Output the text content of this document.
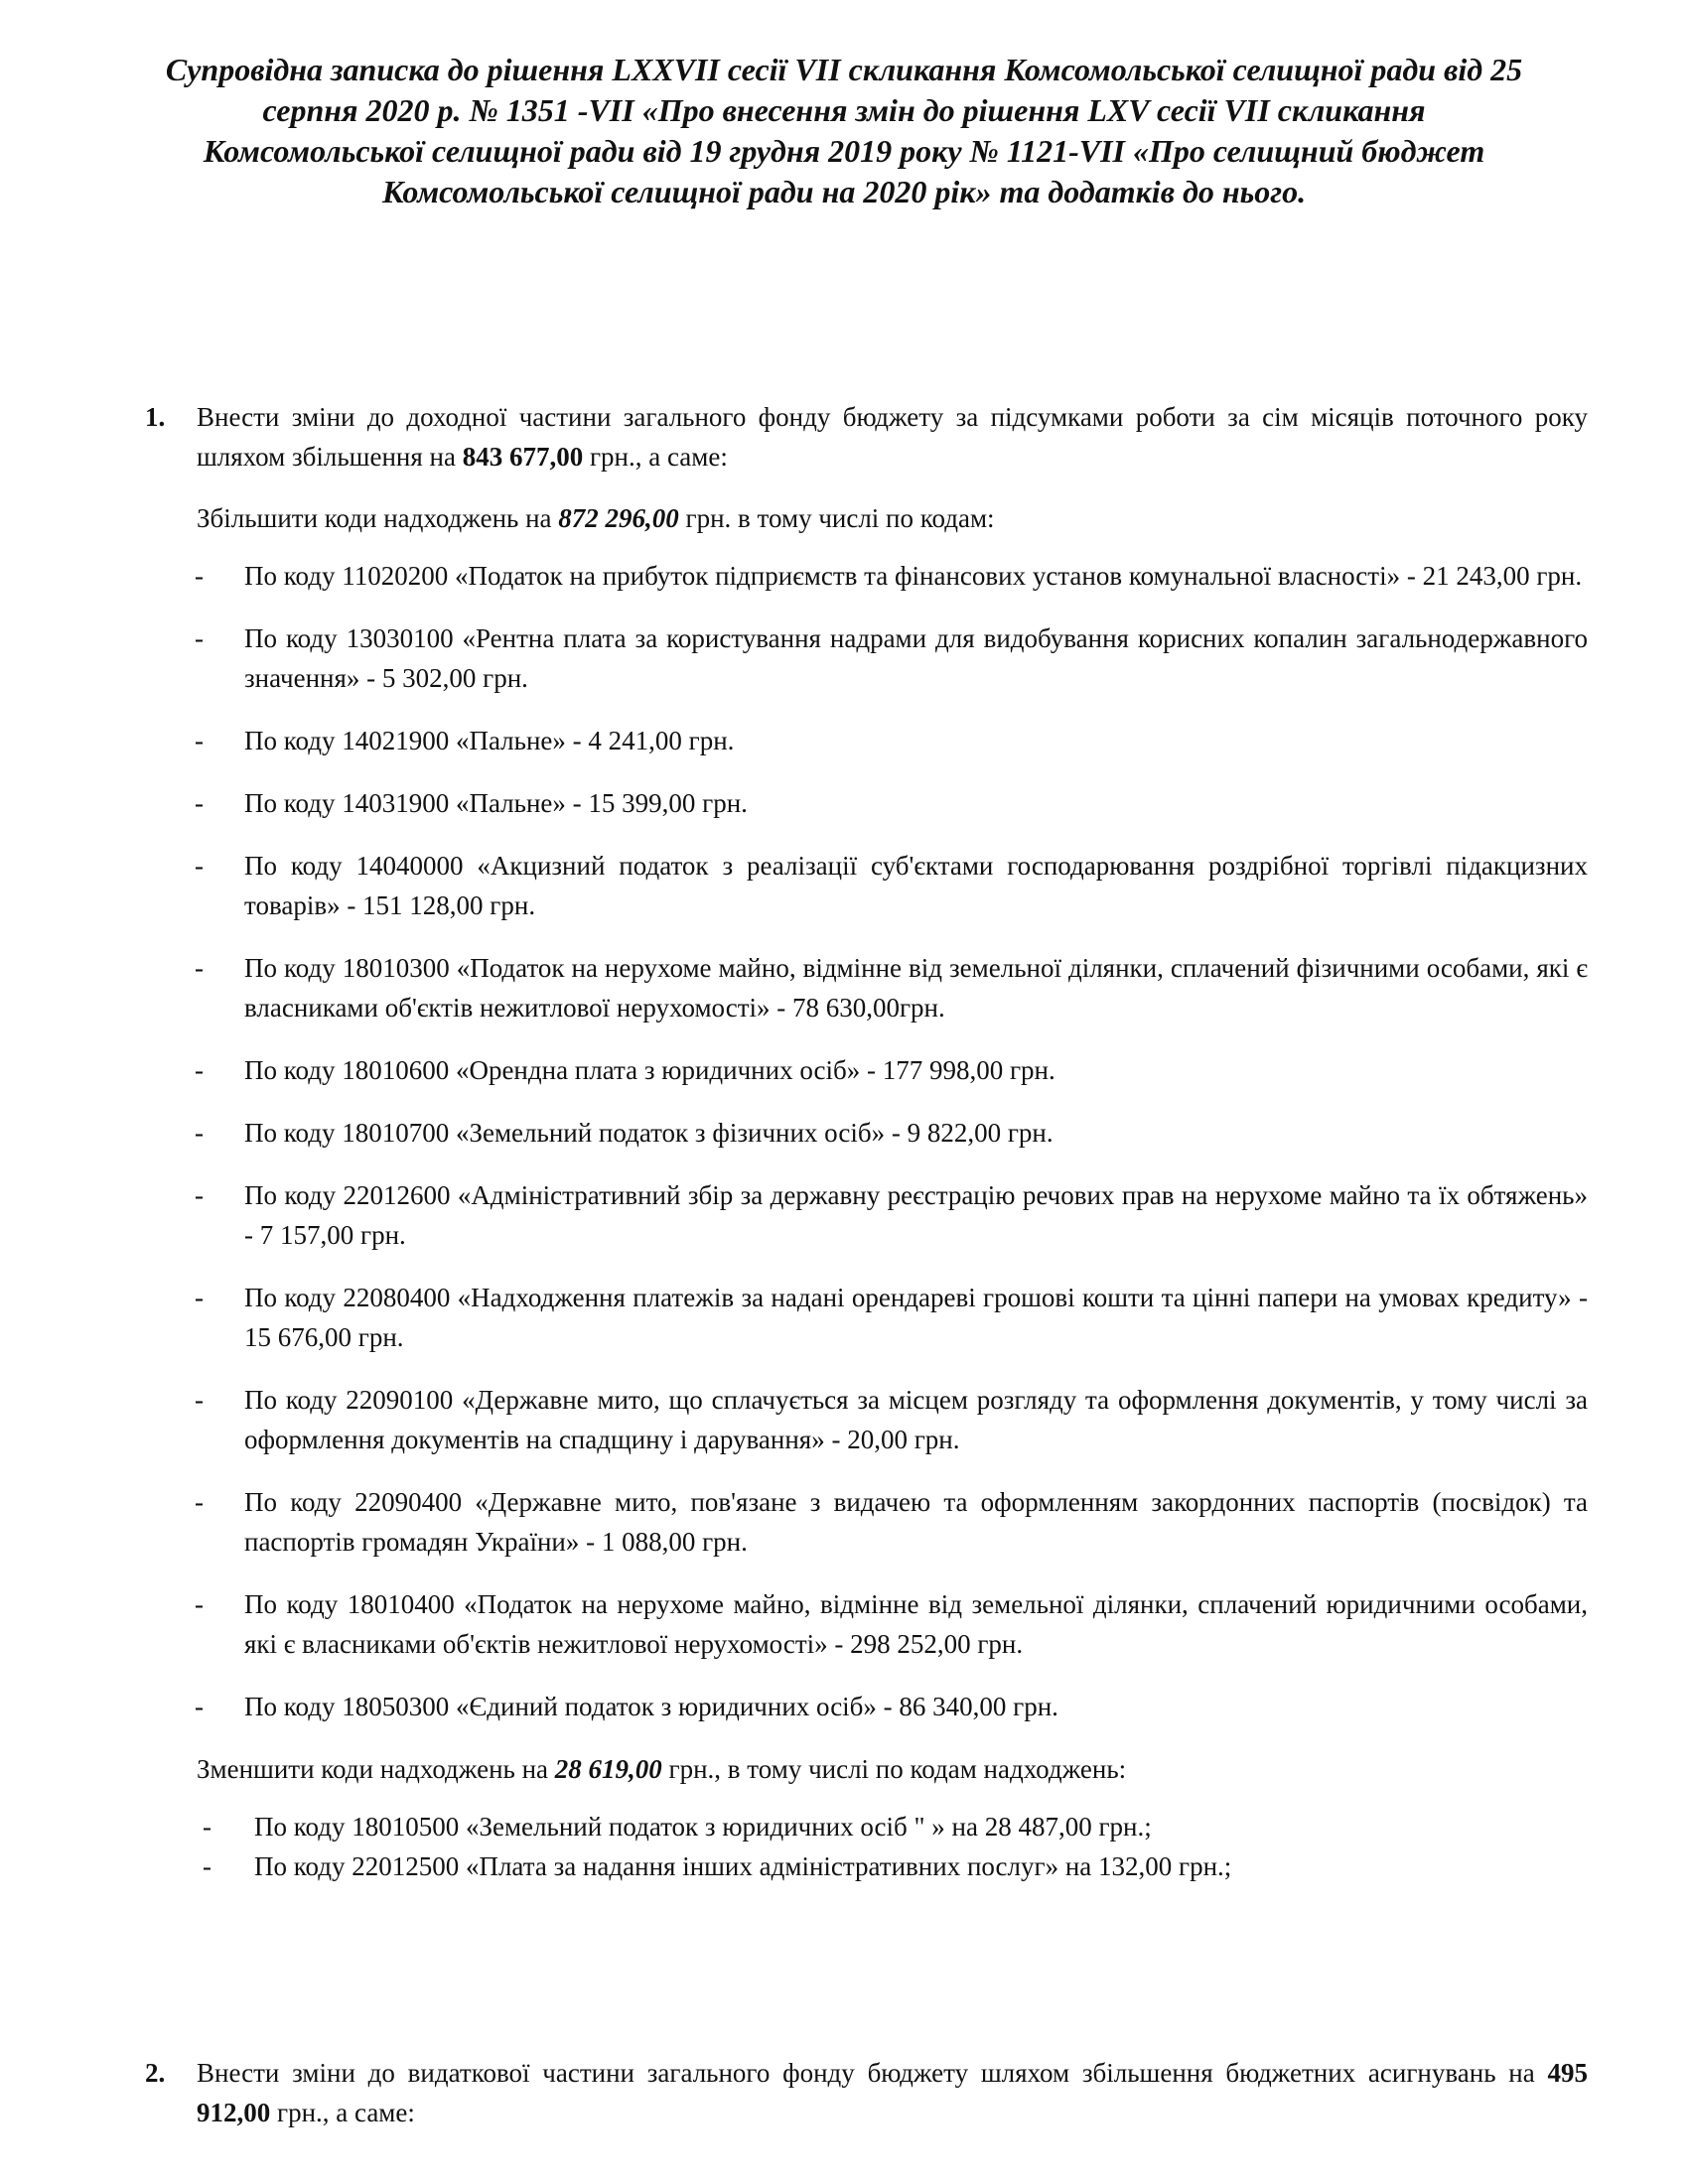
Супровідна записка до рішення LXXVII сесії VII скликання Комсомольської селищної ради від 25 серпня 2020 р. № 1351 -VII «Про внесення змін до рішення LXV сесії VII скликання Комсомольської селищної ради від 19 грудня 2019 року № 1121-VII «Про селищний бюджет Комсомольської селищної ради на 2020 рік» та додатків до нього.
1. Внести зміни до доходної частини загального фонду бюджету за підсумками роботи за сім місяців поточного року шляхом збільшення на 843 677,00 грн., а саме:
Збільшити коди надходжень на 872 296,00 грн. в тому числі по кодам:
- По коду 11020200 «Податок на прибуток підприємств та фінансових установ комунальної власності» - 21 243,00 грн.
- По коду 13030100 «Рентна плата за користування надрами для видобування корисних копалин загальнодержавного значення» - 5 302,00 грн.
- По коду 14021900 «Пальне» - 4 241,00 грн.
- По коду 14031900 «Пальне» - 15 399,00 грн.
- По коду 14040000 «Акцизний податок з реалізації суб'єктами господарювання роздрібної торгівлі підакцизних товарів» - 151 128,00 грн.
- По коду 18010300 «Податок на нерухоме майно, відмінне від земельної ділянки, сплачений фізичними особами, які є власниками об'єктів нежитлової нерухомості» - 78 630,00грн.
- По коду 18010600 «Орендна плата з юридичних осіб» - 177 998,00 грн.
- По коду 18010700 «Земельний податок з фізичних осіб» - 9 822,00 грн.
- По коду 22012600 «Адміністративний збір за державну реєстрацію речових прав на нерухоме майно та їх обтяжень» - 7 157,00 грн.
- По коду 22080400 «Надходження платежів за надані орендареві грошові кошти та цінні папери на умовах кредиту» - 15 676,00 грн.
- По коду 22090100 «Державне мито, що сплачується за місцем розгляду та оформлення документів, у тому числі за оформлення документів на спадщину і дарування» - 20,00 грн.
- По коду 22090400 «Державне мито, пов'язане з видачею та оформленням закордонних паспортів (посвідок) та паспортів громадян України» - 1 088,00 грн.
- По коду 18010400 «Податок на нерухоме майно, відмінне від земельної ділянки, сплачений юридичними особами, які є власниками об'єктів нежитлової нерухомості» - 298 252,00 грн.
- По коду 18050300 «Єдиний податок з юридичних осіб» - 86 340,00 грн.
Зменшити коди надходжень на 28 619,00 грн., в тому числі по кодам надходжень:
- По коду 18010500 «Земельний податок з юридичних осіб " » на 28 487,00 грн.;
- По коду 22012500 «Плата за надання інших адміністративних послуг» на 132,00 грн.;
2. Внести зміни до видаткової частини загального фонду бюджету шляхом збільшення бюджетних асигнувань на 495 912,00 грн., а саме:
